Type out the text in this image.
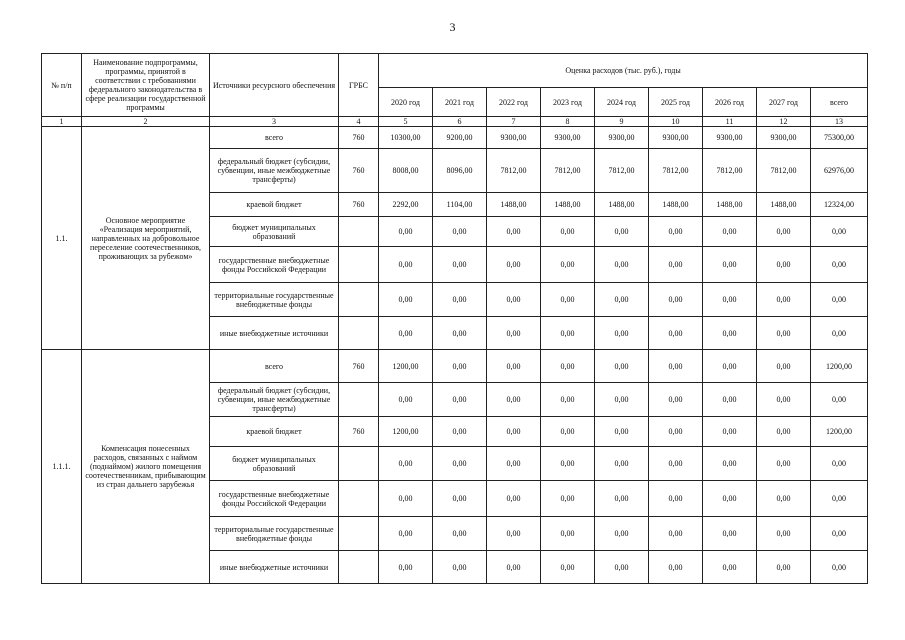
3
№ п/п	Наименование подпрограммы, программы, принятой в соответствии с требованиями федерального законодательства в сфере реализации государственной программы	Источники ресурсного обеспечения	ГРБС	Оценка расходов (тыс. руб.), годы								
				2020 год	2021 год	2022 год	2023 год	2024 год	2025 год	2026 год	2027 год	всего
1	2	3	4	5	6	7	8	9	10	11	12	13
1.1.	Основное мероприятие «Реализация мероприятий, направленных на добровольное переселение соотечественников, проживающих за рубежом»	всего	760	10300,00	9200,00	9300,00	9300,00	9300,00	9300,00	9300,00	9300,00	75300,00
		федеральный бюджет (субсидии, субвенции, иные межбюджетные трансферты)	760	8008,00	8096,00	7812,00	7812,00	7812,00	7812,00	7812,00	7812,00	62976,00
		краевой бюджет	760	2292,00	1104,00	1488,00	1488,00	1488,00	1488,00	1488,00	1488,00	12324,00
		бюджет муниципальных образований		0,00	0,00	0,00	0,00	0,00	0,00	0,00	0,00	0,00
		государственные внебюджетные фонды Российской Федерации		0,00	0,00	0,00	0,00	0,00	0,00	0,00	0,00	0,00
		территориальные государственные внебюджетные фонды		0,00	0,00	0,00	0,00	0,00	0,00	0,00	0,00	0,00
		иные внебюджетные источники		0,00	0,00	0,00	0,00	0,00	0,00	0,00	0,00	0,00
1.1.1.	Компенсация понесенных расходов, связанных с наймом (поднаймом) жилого помещения соотечественникам, прибывающим из стран дальнего зарубежья	всего	760	1200,00	0,00	0,00	0,00	0,00	0,00	0,00	0,00	1200,00
		федеральный бюджет (субсидии, субвенции, иные межбюджетные трансферты)		0,00	0,00	0,00	0,00	0,00	0,00	0,00	0,00	0,00
		краевой бюджет	760	1200,00	0,00	0,00	0,00	0,00	0,00	0,00	0,00	1200,00
		бюджет муниципальных образований		0,00	0,00	0,00	0,00	0,00	0,00	0,00	0,00	0,00
		государственные внебюджетные фонды Российской Федерации		0,00	0,00	0,00	0,00	0,00	0,00	0,00	0,00	0,00
		территориальные государственные внебюджетные фонды		0,00	0,00	0,00	0,00	0,00	0,00	0,00	0,00	0,00
		иные внебюджетные источники		0,00	0,00	0,00	0,00	0,00	0,00	0,00	0,00	0,00
